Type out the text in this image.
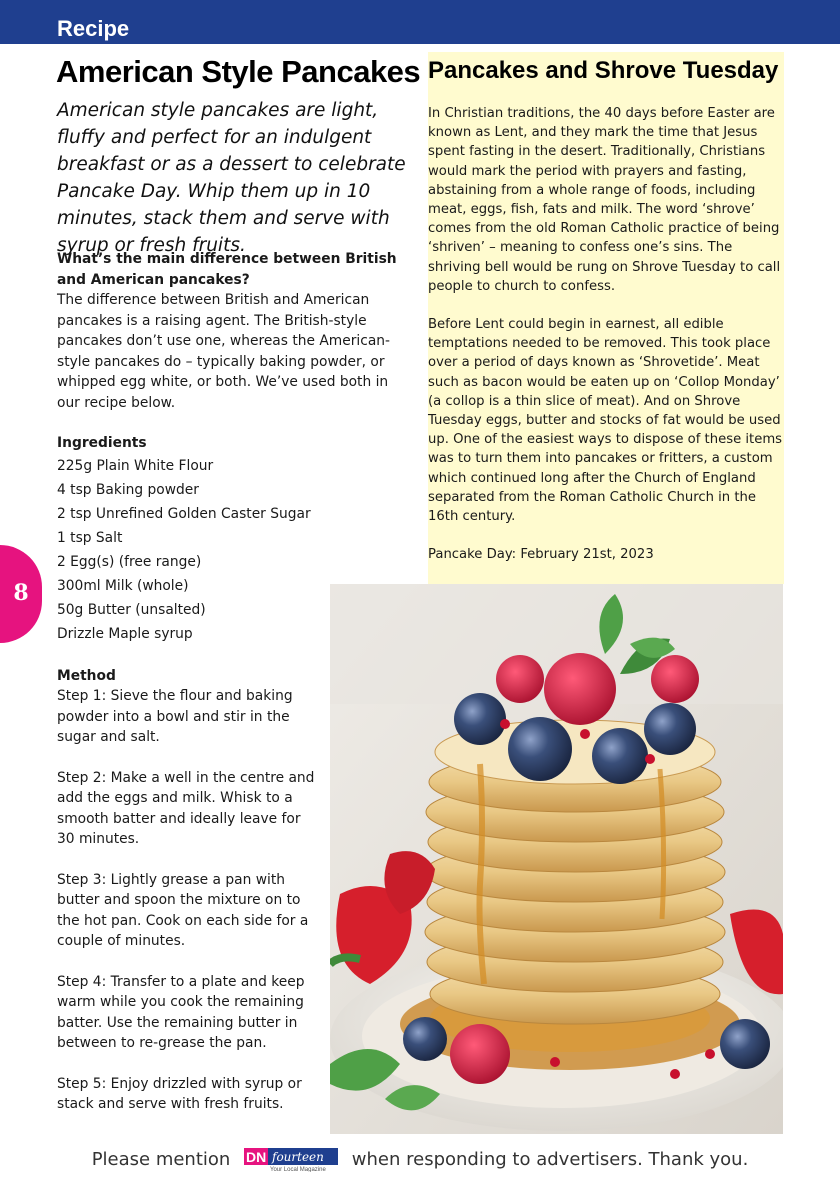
Recipe
American Style Pancakes

American style pancakes are light, fluffy and perfect for an indulgent breakfast or as a dessert to celebrate Pancake Day. Whip them up in 10 minutes, stack them and serve with syrup or fresh fruits.

What’s the main difference between British and American pancakes?

The difference between British and American pancakes is a raising agent. The British-style pancakes don’t use one, whereas the American-style pancakes do – typically baking powder, or whipped egg white, or both. We’ve used both in our recipe below.

Ingredients

225g Plain White Flour
4 tsp Baking powder
2 tsp Unrefined Golden Caster Sugar
1 tsp Salt
2 Egg(s) (free range)
300ml Milk (whole)
50g Butter (unsalted)
Drizzle Maple syrup

Method

Step 1: Sieve the flour and baking powder into a bowl and stir in the sugar and salt.

Step 2: Make a well in the centre and add the eggs and milk. Whisk to a smooth batter and ideally leave for 30 minutes.

Step 3: Lightly grease a pan with butter and spoon the mixture on to the hot pan. Cook on each side for a couple of minutes.

Step 4: Transfer to a plate and keep warm while you cook the remaining batter. Use the remaining butter in between to re-grease the pan.

Step 5: Enjoy drizzled with syrup or stack and serve with fresh fruits.

Pancakes and Shrove Tuesday

In Christian traditions, the 40 days before Easter are known as Lent, and they mark the time that Jesus spent fasting in the desert. Traditionally, Christians would mark the period with prayers and fasting, abstaining from a whole range of foods, including meat, eggs, fish, fats and milk. The word ‘shrove’ comes from the old Roman Catholic practice of being ‘shriven’ – meaning to confess one’s sins. The shriving bell would be rung on Shrove Tuesday to call people to church to confess.

Before Lent could begin in earnest, all edible temptations needed to be removed. This took place over a period of days known as ‘Shrovetide’. Meat such as bacon would be eaten up on ‘Collop Monday’ (a collop is a thin slice of meat). And on Shrove Tuesday eggs, butter and stocks of fat would be used up. One of the easiest ways to dispose of these items was to turn them into pancakes or fritters, a custom which continued long after the Church of England separated from the Roman Catholic Church in the 16th century.

Pancake Day: February 21st, 2023

8
Please mention DN fourteen
Your Local Magazine when responding to advertisers. Thank you.
